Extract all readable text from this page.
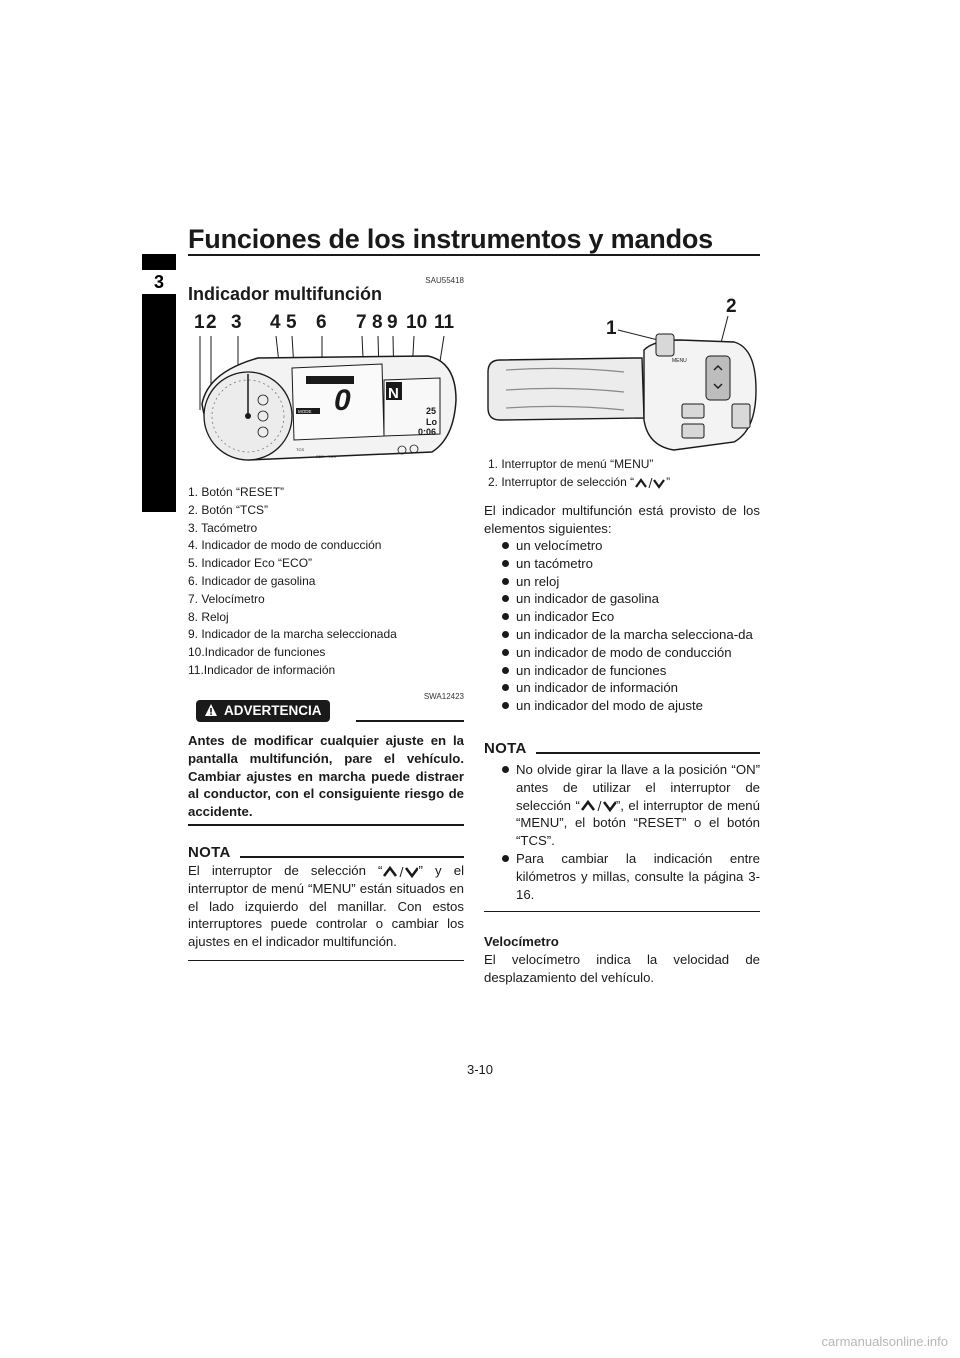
Funciones de los instrumentos y mandos
3	SAU55418
Indicador multifunción
1 2 3 4 5 6 7 8 9 10 11
MODE 0 N
25
Lo
0:06
TCS
SET TCS
1. Botón “RESET”
2. Botón “TCS”
3. Tacómetro
4. Indicador de modo de conducción
5. Indicador Eco “ECO”
6. Indicador de gasolina
7. Velocímetro
8. Reloj
9. Indicador de la marcha seleccionada
10.Indicador de funciones
11.Indicador de información
SWA12423
ADVERTENCIA
Antes de modificar cualquier ajuste en la pantalla multifunción, pare el vehículo. Cambiar ajustes en marcha puede distraer al conductor, con el consiguiente riesgo de accidente.
NOTA
El interruptor de selección “	” y el interruptor de menú “MENU” están situados en el lado izquierdo del manillar. Con estos interruptores puede controlar o cambiar los ajustes en el indicador multifunción.
1
2
MENU
1. Interruptor de menú “MENU”
2. Interruptor de selección “	”
El indicador multifunción está provisto de los elementos siguientes:
un velocímetro
un tacómetro
un reloj
un indicador de gasolina
un indicador Eco
un indicador de la marcha selecciona-da
un indicador de modo de conducción
un indicador de funciones
un indicador de información
un indicador del modo de ajuste
NOTA
No olvide girar la llave a la posición “ON” antes de utilizar el interruptor de selección “	”, el interruptor de menú “MENU”, el botón “RESET” o el botón “TCS”.
Para cambiar la indicación entre kilómetros y millas, consulte la página 3-16.
Velocímetro
El velocímetro indica la velocidad de desplazamiento del vehículo.
3-10
carmanualsonline.info
